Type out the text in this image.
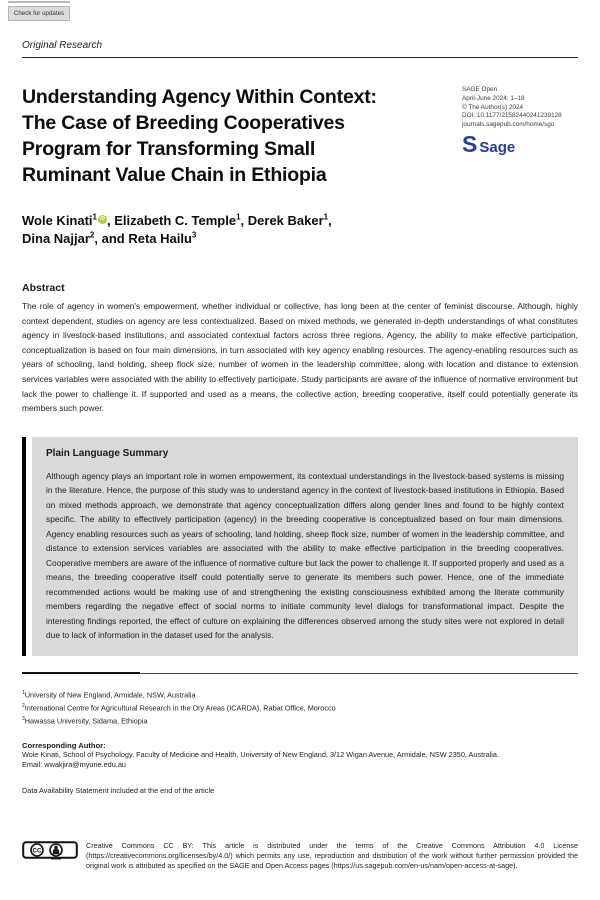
Check for updates
Original Research
Understanding Agency Within Context:
The Case of Breeding Cooperatives
Program for Transforming Small
Ruminant Value Chain in Ethiopia
SAGE Open
April-June 2024: 1–18
© The Author(s) 2024
DOI: 10.1177/21582440241239128
journals.sagepub.com/home/sgo
S Sage
Wole Kinati$^1$ iD , Elizabeth C. Temple$^1$, Derek Baker$^1$,
Dina Najjar$^2$, and Reta Hailu$^3$
Abstract
The role of agency in women's empowerment, whether individual or collective, has long been at the center of feminist discourse. Although, highly context dependent, studies on agency are less contextualized. Based on mixed methods, we generated in-depth understandings of what constitutes agency in livestock-based institutions, and associated contextual factors across three regions. Agency, the ability to make effective participation, conceptualization is based on four main dimensions, in turn associated with key agency enabling resources. The agency-enabling resources such as years of schooling, land holding, sheep flock size, number of women in the leadership committee, along with location and distance to extension services variables were associated with the ability to effectively participate. Study participants are aware of the influence of normative environment but lack the power to challenge it. If supported and used as a means, the collective action, breeding cooperative, itself could potentially generate its members such power.
Plain Language Summary
Although agency plays an important role in women empowerment, its contextual understandings in the livestock-based systems is missing in the literature. Hence, the purpose of this study was to understand agency in the context of livestock-based institutions in Ethiopia. Based on mixed methods approach, we demonstrate that agency conceptualization differs along gender lines and found to be highly context specific. The ability to effectively participation (agency) in the breeding cooperative is conceptualized based on four main dimensions. Agency enabling resources such as years of schooling, land holding, sheep flock size, number of women in the leadership committee, and distance to extension services variables are associated with the ability to make effective participation in the breeding cooperatives. Cooperative members are aware of the influence of normative culture but lack the power to challenge it. If supported properly and used as a means, the breeding cooperative itself could potentially serve to generate its members such power. Hence, one of the immediate recommended actions would be making use of and strengthening the existing consciousness exhibited among the literate community members regarding the negative effect of social norms to initiate community level dialogs for transformational impact. Despite the interesting findings reported, the effect of culture on explaining the differences observed among the study sites were not explored in detail due to lack of information in the dataset used for the analysis.
$^1$University of New England, Armidale, NSW, Australia
$^2$International Centre for Agricultural Research in the Dry Areas (ICARDA), Rabat Office, Morocco
$^3$Hawassa University, Sidama, Ethiopia
Corresponding Author:
Wole Kinati, School of Psychology, Faculty of Medicine and Health, University of New England, 3/12 Wigan Avenue, Armidale, NSW 2350, Australia.
Email: wwakjira@myune.edu.au
Data Availability Statement included at the end of the article
CC

Creative Commons CC BY: This article is distributed under the terms of the Creative Commons Attribution 4.0 License (https://creativecommons.org/licenses/by/4.0/) which permits any use, reproduction and distribution of the work without further permission provided the original work is attributed as specified on the SAGE and Open Access pages (https://us.sagepub.com/en-us/nam/open-access-at-sage).
